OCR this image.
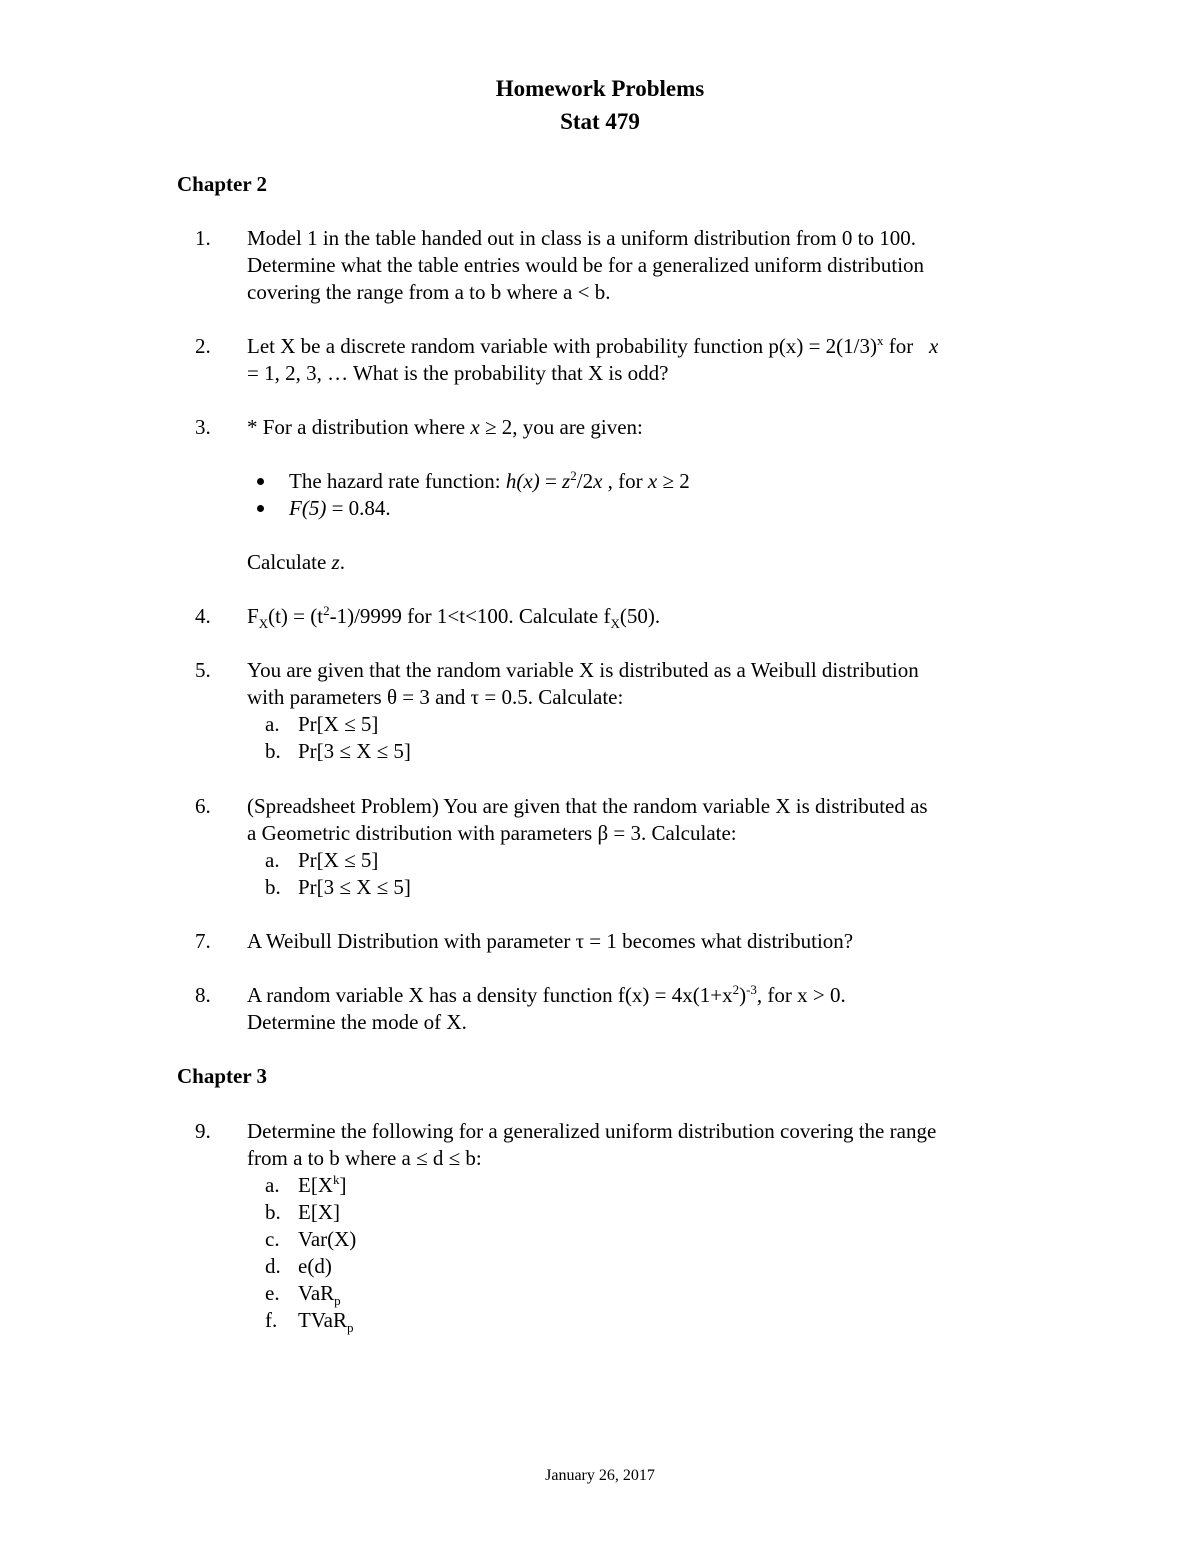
Homework Problems
Stat 479
Chapter 2
1.	Model 1 in the table handed out in class is a uniform distribution from 0 to 100.
Determine what the table entries would be for a generalized uniform distribution
covering the range from a to b where a < b.
2.	Let X be a discrete random variable with probability function $p(x) = 2(1/3)^x$ for   x
= 1, 2, 3, … What is the probability that X is odd?
3.	* For a distribution where x ≥ 2, you are given:
The hazard rate function: $h(x) = z^2/2x$ , for x ≥ 2
F(5) = 0.84.
Calculate z.
4.	$F_X(t) = (t^2-1)/9999$ for 1<t<100. Calculate $f_X(50)$.
5.	You are given that the random variable X is distributed as a Weibull distribution
with parameters θ = 3 and τ = 0.5. Calculate:
a. Pr[X ≤ 5]
b. Pr[3 ≤ X ≤ 5]
6.	(Spreadsheet Problem) You are given that the random variable X is distributed as
a Geometric distribution with parameters β = 3. Calculate:
a. Pr[X ≤ 5]
b. Pr[3 ≤ X ≤ 5]
7.	A Weibull Distribution with parameter τ = 1 becomes what distribution?
8.	A random variable X has a density function $f(x) = 4x(1+x^2)^{-3}$, for x > 0.
Determine the mode of X.
Chapter 3
9.	Determine the following for a generalized uniform distribution covering the range
from a to b where a ≤ d ≤ b:
a. $E[X^k]$
b. E[X]
c. Var(X)
d. e(d)
e. VaR$_p$
f. TVaR$_p$
January 26, 2017
